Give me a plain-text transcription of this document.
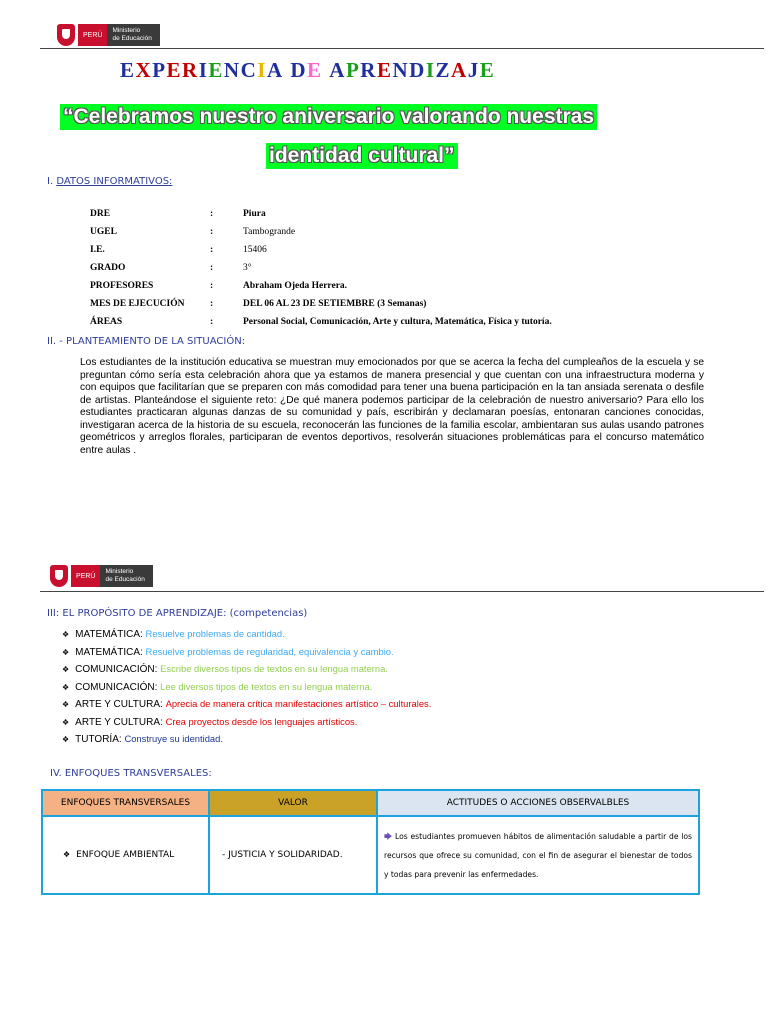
PERÚ
Ministerio
de Educación
EXPERIENCIA DE APRENDIZAJE
“Celebramos nuestro aniversario valorando nuestras
identidad cultural”
I. DATOS INFORMATIVOS:
DRE	:	Piura
UGEL	:	Tambogrande
I.E.	:	15406
GRADO	:	3°
PROFESORES	:	Abraham Ojeda Herrera.
MES DE EJECUCIÓN	:	DEL 06 AL 23 DE SETIEMBRE (3 Semanas)
ÁREAS	:	Personal Social, Comunicación, Arte y cultura, Matemática, Física y tutoría.
II. - PLANTEAMIENTO DE LA SITUACIÓN:
Los estudiantes de la institución educativa se muestran muy emocionados por que se acerca la fecha del cumpleaños de la escuela y se preguntan cómo sería esta celebración ahora que ya estamos de manera presencial y que cuentan con una infraestructura moderna y con equipos que facilitarían que se preparen con más comodidad para tener una buena participación en la tan ansiada serenata o desfile de artistas. Planteándose el siguiente reto: ¿De qué manera podemos participar de la celebración de nuestro aniversario? Para ello los estudiantes practicaran algunas danzas de su comunidad y país, escribirán y declamaran poesías, entonaran canciones conocidas, investigaran acerca de la historia de su escuela, reconocerán las funciones de la familia escolar, ambientaran sus aulas usando patrones geométricos y arreglos florales, participaran de eventos deportivos, resolverán situaciones problemáticas para el concurso matemático entre aulas .
PERÚ
Ministerio
de Educación
III: EL PROPÓSITO DE APRENDIZAJE: (competencias)
❖ MATEMÁTICA: Resuelve problemas de cantidad.
❖ MATEMÁTICA: Resuelve problemas de regularidad, equivalencia y cambio.
❖ COMUNICACIÓN: Escribe diversos tipos de textos en su lengua materna.
❖ COMUNICACIÓN: Lee diversos tipos de textos en su lengua materna.
❖ ARTE Y CULTURA: Aprecia de manera crítica manifestaciones artístico – culturales.
❖ ARTE Y CULTURA: Crea proyectos desde los lenguajes artísticos.
❖ TUTORÍA: Construye su identidad.
IV. ENFOQUES TRANSVERSALES:
ENFOQUES TRANSVERSALES	VALOR	ACTITUDES O ACCIONES OBSERVALBLES
❖ ENFOQUE AMBIENTAL	- JUSTICIA Y SOLIDARIDAD.	🡆 Los estudiantes promueven hábitos de alimentación saludable a partir de los recursos que ofrece su comunidad, con el fin de asegurar el bienestar de todos y todas para prevenir las enfermedades.
